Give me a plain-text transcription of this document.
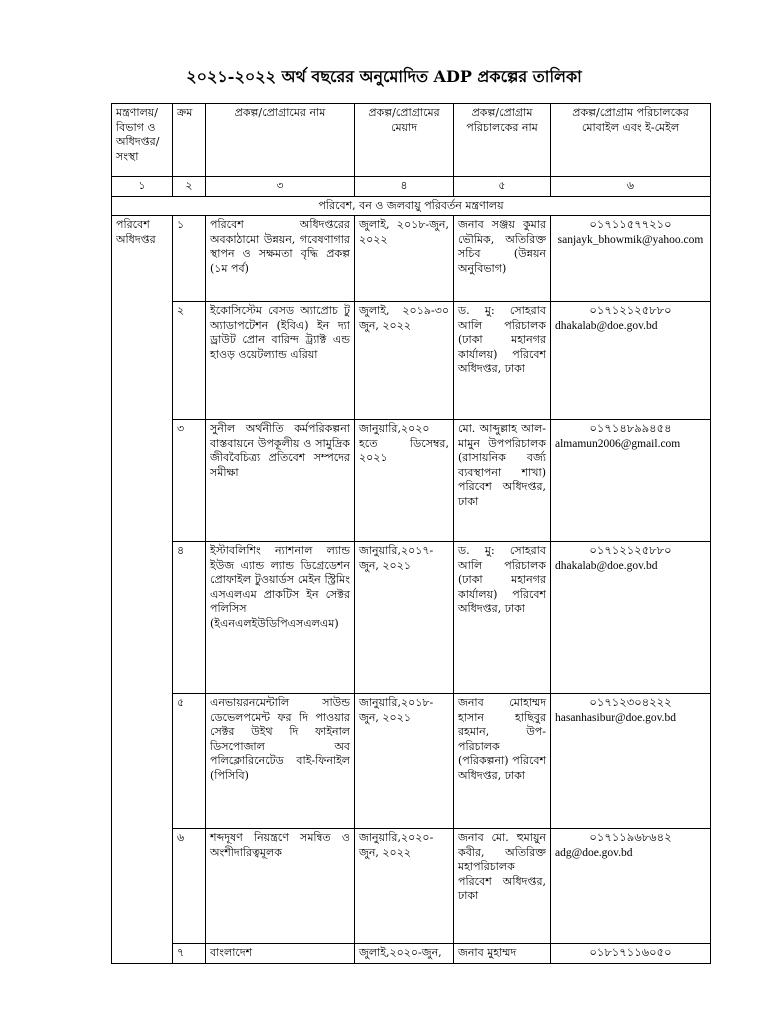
২০২১-২০২২ অর্থ বছরের অনুমোদিত ADP প্রকল্পের তালিকা
মন্ত্রণালয়/ বিভাগ ও অধিদপ্তর/ সংস্থা	ক্রম	প্রকল্প/প্রোগ্রামের নাম	প্রকল্প/প্রোগ্রামের মেয়াদ	প্রকল্প/প্রোগ্রাম পরিচালকের নাম	প্রকল্প/প্রোগ্রাম পরিচালকের মোবাইল এবং ই-মেইল
১	২	৩	৪	৫	৬
পরিবেশ, বন ও জলবায়ু পরিবর্তন মন্ত্রণালয়					
পরিবেশ অধিদপ্তর	১	পরিবেশ অধিদপ্তরের অবকাঠামো উন্নয়ন, গবেষণাগার স্থাপন ও সক্ষমতা বৃদ্ধি প্রকল্প (১ম পর্ব)	জুলাই, ২০১৮-জুন, ২০২২	জনাব সঞ্জয় কুমার ভৌমিক, অতিরিক্ত সচিব (উন্নয়ন অনুবিভাগ)	০১৭১১৫৭৭২১০
sanjayk_bhowmik@yahoo.com

	২	ইকোসিস্টেম বেসড অ্যাপ্রোচ টু অ্যাডাপটেশন (ইবিএ) ইন দ্যা ড্রাউট প্রোন বারিন্দ ট্র্যাক্ট এন্ড হাওড় ওয়েটল্যান্ড এরিয়া	জুলাই, ২০১৯-৩০ জুন, ২০২২	ড. মু: সোহরাব আলি পরিচালক (ঢাকা মহানগর কার্যালয়) পরিবেশ অধিদপ্তর, ঢাকা	০১৭১২১২৫৮৮০
dhakalab@doe.gov.bd

	৩	সুনীল অর্থনীতি কর্মপরিকল্পনা বাস্তবায়নে উপকূলীয় ও সামুদ্রিক জীববৈচিত্র্য প্রতিবেশ সম্পদের সমীক্ষা	জানুয়ারি,২০২০ হতে ডিসেম্বর, ২০২১	মো. আব্দুল্লাহ আল-মামুন উপপরিচালক (রাসায়নিক বর্জ্য ব্যবস্থাপনা শাখা) পরিবেশ অধিদপ্তর, ঢাকা	০১৭১৪৮৯৯৪৫৪
almamun2006@gmail.com

	৪	ইস্টাবলিশিং ন্যাশনাল ল্যান্ড ইউজ এ্যান্ড ল্যান্ড ডিগ্রেডেশন প্রোফাইল টুওয়ার্ডস মেইন স্ট্রিমিং এসএলএম প্রাকটিস ইন সেক্টর পলিসিস (ইএনএলইউডিপিএসএলএম)	জানুয়ারি,২০১৭-জুন, ২০২১	ড. মু: সোহরাব আলি পরিচালক (ঢাকা মহানগর কার্যালয়) পরিবেশ অধিদপ্তর, ঢাকা	০১৭১২১২৫৮৮০
dhakalab@doe.gov.bd

	৫	এনভায়রনমেন্টালি সাউন্ড ডেভেলপমেন্ট ফর দি পাওয়ার সেক্টর উইথ দি ফাইনাল ডিসপোজাল অব পলিক্লোরিনেটেড বাই-ফিনাইল (পিসিবি)	জানুয়ারি,২০১৮-জুন, ২০২১	জনাব মোহাম্মদ হাসান হাছিবুর রহমান, উপ-পরিচালক (পরিকল্পনা) পরিবেশ অধিদপ্তর, ঢাকা	০১৭১২৩০৪২২২
hasanhasibur@doe.gov.bd

	৬	শব্দদূষণ নিয়ন্ত্রণে সমন্বিত ও অংশীদারিত্বমূলক	জানুয়ারি,২০২০-জুন, ২০২২	জনাব মো. হুমায়ুন কবীর, অতিরিক্ত মহাপরিচালক পরিবেশ অধিদপ্তর, ঢাকা	০১৭১১৯৬৮৬৪২
adg@doe.gov.bd

	৭	বাংলাদেশ	জুলাই,২০২০-জুন,	জনাব মুহাম্মদ	০১৮১৭১১৬০৫০
